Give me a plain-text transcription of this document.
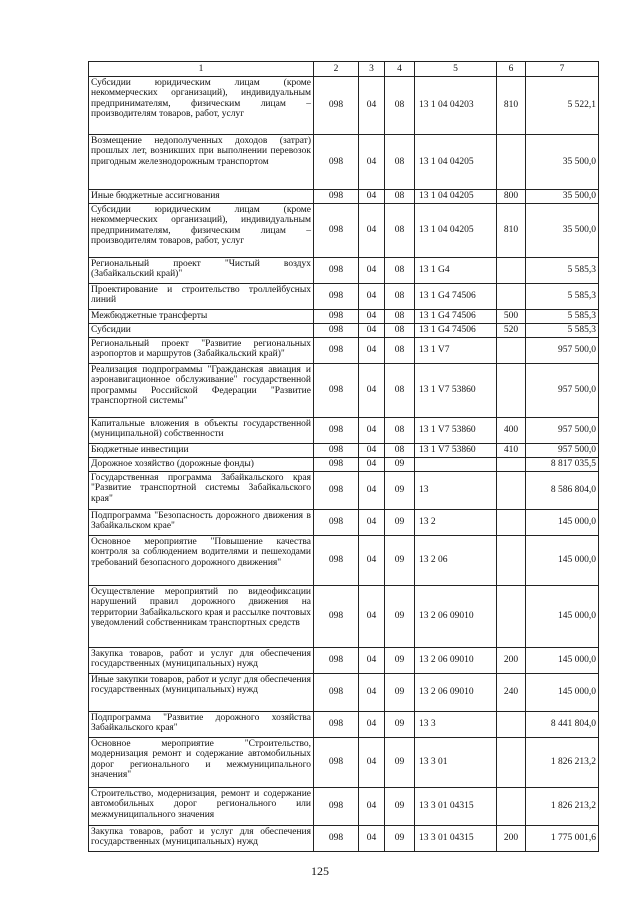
1	2	3	4	5	6	7
Субсидии юридическим лицам (кроме некоммерческих организаций), индивидуальным предпринимателям, физическим лицам – производителям товаров, работ, услуг	098	04	08	13 1 04 04203	810	5 522,1
Возмещение недополученных доходов (затрат) прошлых лет, возникших при выполнении перевозок пригодным железнодорожным транспортом	098	04	08	13 1 04 04205		35 500,0
Иные бюджетные ассигнования	098	04	08	13 1 04 04205	800	35 500,0
Субсидии юридическим лицам (кроме некоммерческих организаций), индивидуальным предпринимателям, физическим лицам – производителям товаров, работ, услуг	098	04	08	13 1 04 04205	810	35 500,0
Региональный проект "Чистый воздух (Забайкальский край)"	098	04	08	13 1 G4		5 585,3
Проектирование и строительство троллейбусных линий	098	04	08	13 1 G4 74506		5 585,3
Межбюджетные трансферты	098	04	08	13 1 G4 74506	500	5 585,3
Субсидии	098	04	08	13 1 G4 74506	520	5 585,3
Региональный проект "Развитие региональных аэропортов и маршрутов (Забайкальский край)"	098	04	08	13 1 V7		957 500,0
Реализация подпрограммы "Гражданская авиация и аэронавигационное обслуживание" государственной программы Российской Федерации "Развитие транспортной системы"	098	04	08	13 1 V7 53860		957 500,0
Капитальные вложения в объекты государственной (муниципальной) собственности	098	04	08	13 1 V7 53860	400	957 500,0
Бюджетные инвестиции	098	04	08	13 1 V7 53860	410	957 500,0
Дорожное хозяйство (дорожные фонды)	098	04	09			8 817 035,5
Государственная программа Забайкальского края "Развитие транспортной системы Забайкальского края"	098	04	09	13		8 586 804,0
Подпрограмма "Безопасность дорожного движения в Забайкальском крае"	098	04	09	13 2		145 000,0
Основное мероприятие "Повышение качества контроля за соблюдением водителями и пешеходами требований безопасного дорожного движения"	098	04	09	13 2 06		145 000,0
Осуществление мероприятий по видеофиксации нарушений правил дорожного движения на территории Забайкальского края и рассылке почтовых уведомлений собственникам транспортных средств	098	04	09	13 2 06 09010		145 000,0
Закупка товаров, работ и услуг для обеспечения государственных (муниципальных) нужд	098	04	09	13 2 06 09010	200	145 000,0
Иные закупки товаров, работ и услуг для обеспечения государственных (муниципальных) нужд	098	04	09	13 2 06 09010	240	145 000,0
Подпрограмма "Развитие дорожного хозяйства Забайкальского края"	098	04	09	13 3		8 441 804,0
Основное мероприятие "Строительство, модернизация ремонт и содержание автомобильных дорог регионального и межмуниципального значения"	098	04	09	13 3 01		1 826 213,2
Строительство, модернизация, ремонт и содержание автомобильных дорог регионального или межмуниципального значения	098	04	09	13 3 01 04315		1 826 213,2
Закупка товаров, работ и услуг для обеспечения государственных (муниципальных) нужд	098	04	09	13 3 01 04315	200	1 775 001,6
125
